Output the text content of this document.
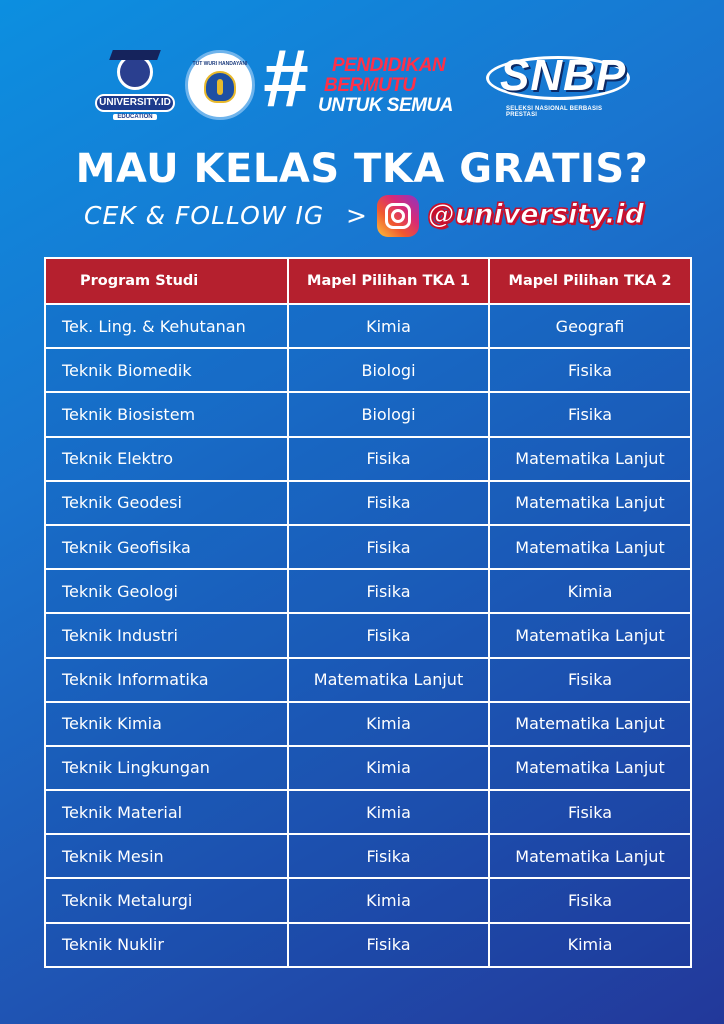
UNIVERSITY.ID
EDUCATION
TUT WURI HANDAYANI # PENDIDIKAN
BERMUTU
UNTUK SEMUA
SNBP
SELEKSI NASIONAL BERBASIS PRESTASI
MAU KELAS TKA GRATIS?
CEK & FOLLOW IG > @university.id
Program Studi	Mapel Pilihan TKA 1	Mapel Pilihan TKA 2
Tek. Ling. & Kehutanan	Kimia	Geografi
Teknik Biomedik	Biologi	Fisika
Teknik Biosistem	Biologi	Fisika
Teknik Elektro	Fisika	Matematika Lanjut
Teknik Geodesi	Fisika	Matematika Lanjut
Teknik Geofisika	Fisika	Matematika Lanjut
Teknik Geologi	Fisika	Kimia
Teknik Industri	Fisika	Matematika Lanjut
Teknik Informatika	Matematika Lanjut	Fisika
Teknik Kimia	Kimia	Matematika Lanjut
Teknik Lingkungan	Kimia	Matematika Lanjut
Teknik Material	Kimia	Fisika
Teknik Mesin	Fisika	Matematika Lanjut
Teknik Metalurgi	Kimia	Fisika
Teknik Nuklir	Fisika	Kimia
